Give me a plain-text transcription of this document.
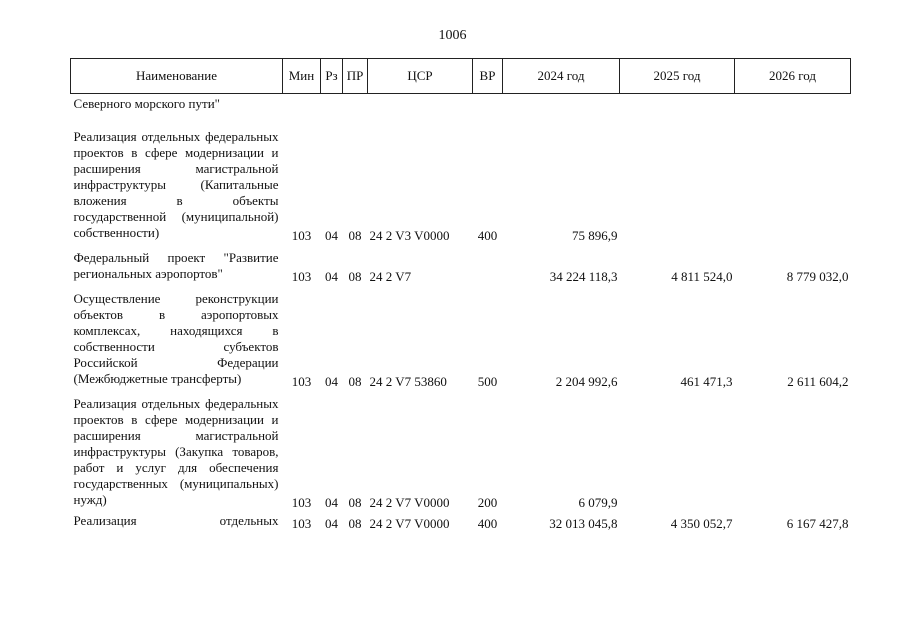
1006
Наименование	Мин	Рз	ПР	ЦСР	ВР	2024 год	2025 год	2026 год
Северного морского пути"								
Реализация отдельных федеральных проектов в сфере модернизации и расширения магистральной инфраструктуры (Капитальные вложения в объекты государственной (муниципальной) собственности)	103	04	08	24 2 V3 V0000	400	75 896,9		
Федеральный проект "Развитие региональных аэропортов"	103	04	08	24 2 V7		34 224 118,3	4 811 524,0	8 779 032,0
Осуществление реконструкции объектов в аэропортовых комплексах, находящихся в собственности субъектов Российской Федерации (Межбюджетные трансферты)	103	04	08	24 2 V7 53860	500	2 204 992,6	461 471,3	2 611 604,2
Реализация отдельных федеральных проектов в сфере модернизации и расширения магистральной инфраструктуры (Закупка товаров, работ и услуг для обеспечения государственных (муниципальных) нужд)	103	04	08	24 2 V7 V0000	200	6 079,9		
Реализация отдельных	103	04	08	24 2 V7 V0000	400	32 013 045,8	4 350 052,7	6 167 427,8
